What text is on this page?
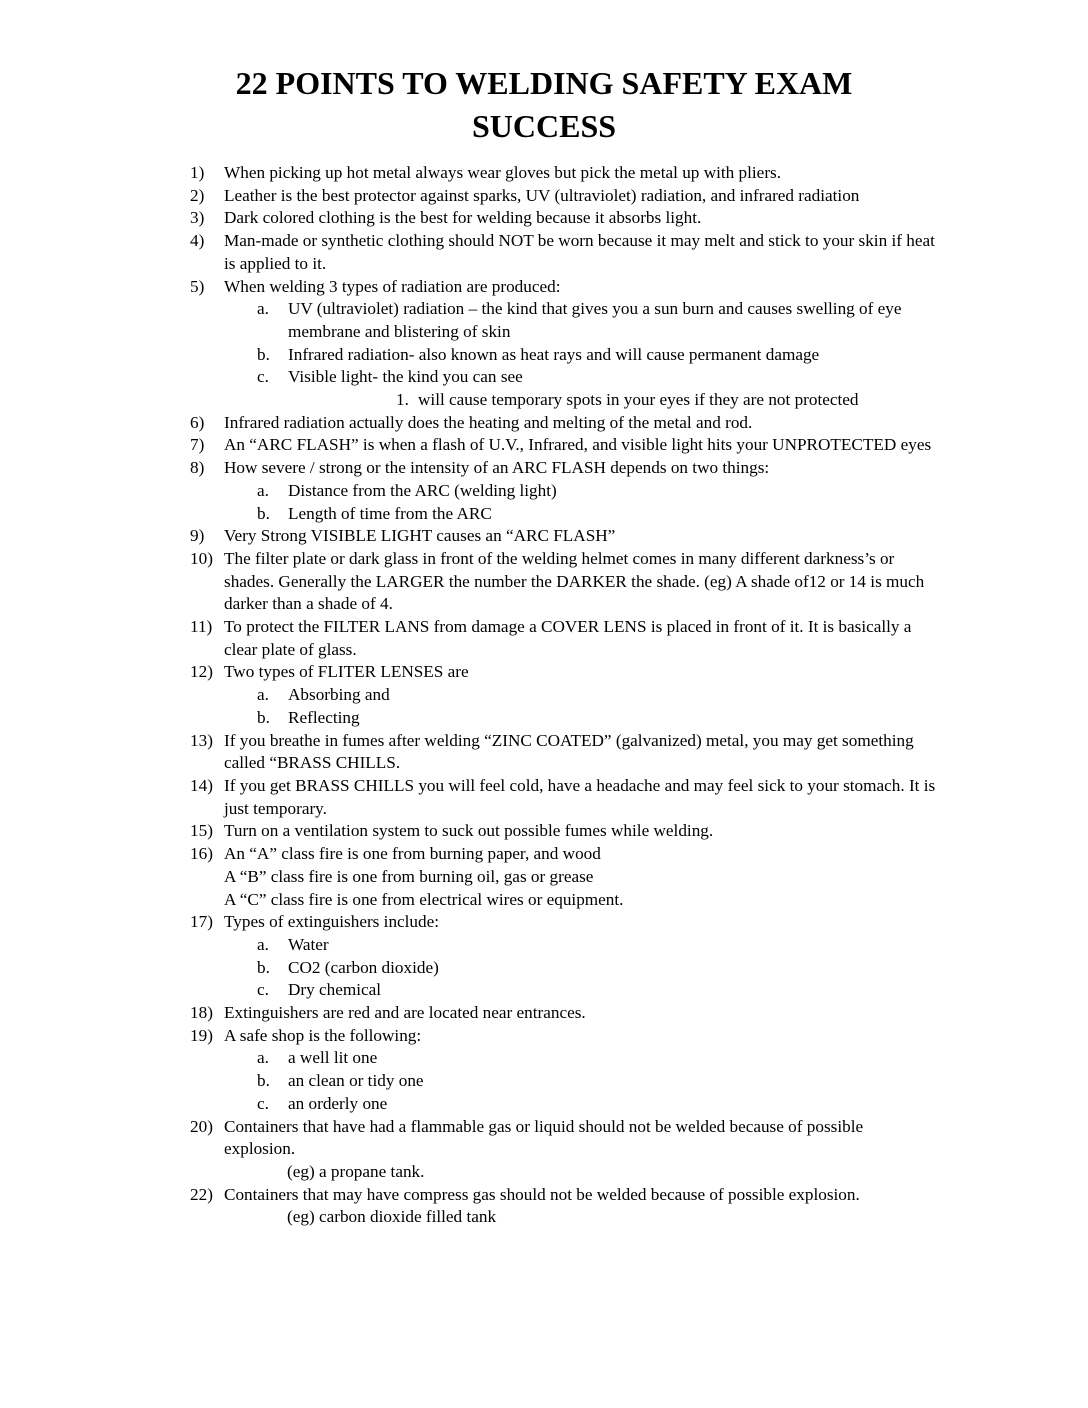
22 POINTS TO WELDING SAFETY EXAM
SUCCESS
1)	When picking up hot metal always wear gloves but pick the metal up with pliers.
2)	Leather is the best protector against sparks, UV (ultraviolet) radiation, and infrared radiation
3)	Dark colored clothing is the best for welding because it absorbs light.
4)	Man-made or synthetic clothing should NOT be worn because it may melt and stick to your skin if heat is applied to it.
5)	When welding 3 types of radiation are produced:
a.	UV (ultraviolet) radiation – the kind that gives you a sun burn and causes swelling of eye membrane and blistering of skin
b.	Infrared radiation- also known as heat rays and will cause permanent damage
c.	Visible light- the kind you can see
1. will cause temporary spots in your eyes if they are not protected
6)	Infrared radiation actually does the heating and melting of the metal and rod.
7)	An “ARC FLASH” is when a flash of U.V., Infrared, and visible light hits your UNPROTECTED eyes
8)	How severe / strong or the intensity of an ARC FLASH depends on two things:
a.	Distance from the ARC (welding light)
b.	Length of time from the ARC
9)	Very Strong VISIBLE LIGHT causes an “ARC FLASH”
10) The filter plate or dark glass in front of the welding helmet comes in many different darkness’s or shades. Generally the LARGER the number the DARKER the shade. (eg) A shade of12 or 14 is much darker than a shade of 4.
11) To protect the FILTER LANS from damage a COVER LENS is placed in front of it. It is basically a clear plate of glass.
12) Two types of FLITER LENSES are
a.	Absorbing and
b.	Reflecting
13) If you breathe in fumes after welding “ZINC COATED” (galvanized) metal, you may get something called “BRASS CHILLS.
14) If you get BRASS CHILLS you will feel cold, have a headache and may feel sick to your stomach. It is just temporary.
15) Turn on a ventilation system to suck out possible fumes while welding.
16) An “A” class fire is one from burning paper, and wood
A “B” class fire is one from burning oil, gas or grease
A “C” class fire is one from electrical wires or equipment.
17) Types of extinguishers include:
a.	Water
b.	CO2 (carbon dioxide)
c.	Dry chemical
18) Extinguishers are red and are located near entrances.
19) A safe shop is the following:
a.	a well lit one
b.	an clean or tidy one
c.	an orderly one
20) Containers that have had a flammable gas or liquid should not be welded because of possible explosion.
(eg) a propane tank.
22) Containers that may have compress gas should not be welded because of possible explosion.
(eg) carbon dioxide filled tank
